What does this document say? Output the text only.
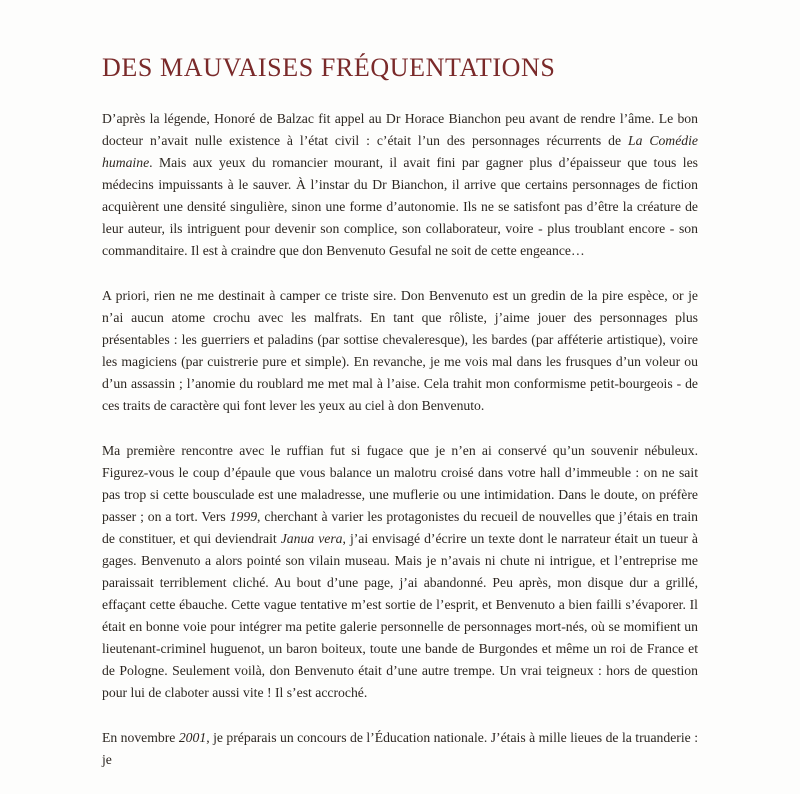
DES MAUVAISES FRÉQUENTATIONS

D’après la légende, Honoré de Balzac fit appel au Dr Horace Bianchon peu avant de rendre l’âme. Le bon docteur n’avait nulle existence à l’état civil : c’était l’un des personnages récurrents de La Comédie humaine. Mais aux yeux du romancier mourant, il avait fini par gagner plus d’épaisseur que tous les médecins impuissants à le sauver. À l’instar du Dr Bianchon, il arrive que certains personnages de fiction acquièrent une densité singulière, sinon une forme d’autonomie. Ils ne se satisfont pas d’être la créature de leur auteur, ils intriguent pour devenir son complice, son collaborateur, voire - plus troublant encore - son commanditaire. Il est à craindre que don Benvenuto Gesufal ne soit de cette engeance…

A priori, rien ne me destinait à camper ce triste sire. Don Benvenuto est un gredin de la pire espèce, or je n’ai aucun atome crochu avec les malfrats. En tant que rôliste, j’aime jouer des personnages plus présentables : les guerriers et paladins (par sottise chevaleresque), les bardes (par afféterie artistique), voire les magiciens (par cuistrerie pure et simple). En revanche, je me vois mal dans les frusques d’un voleur ou d’un assassin ; l’anomie du roublard me met mal à l’aise. Cela trahit mon conformisme petit-bourgeois - de ces traits de caractère qui font lever les yeux au ciel à don Benvenuto.

Ma première rencontre avec le ruffian fut si fugace que je n’en ai conservé qu’un souvenir nébuleux. Figurez-vous le coup d’épaule que vous balance un malotru croisé dans votre hall d’immeuble : on ne sait pas trop si cette bousculade est une maladresse, une muflerie ou une intimidation. Dans le doute, on préfère passer ; on a tort. Vers 1999, cherchant à varier les protagonistes du recueil de nouvelles que j’étais en train de constituer, et qui deviendrait Janua vera, j’ai envisagé d’écrire un texte dont le narrateur était un tueur à gages. Benvenuto a alors pointé son vilain museau. Mais je n’avais ni chute ni intrigue, et l’entreprise me paraissait terriblement cliché. Au bout d’une page, j’ai abandonné. Peu après, mon disque dur a grillé, effaçant cette ébauche. Cette vague tentative m’est sortie de l’esprit, et Benvenuto a bien failli s’évaporer. Il était en bonne voie pour intégrer ma petite galerie personnelle de personnages mort-nés, où se momifient un lieutenant-criminel huguenot, un baron boiteux, toute une bande de Burgondes et même un roi de France et de Pologne. Seulement voilà, don Benvenuto était d’une autre trempe. Un vrai teigneux : hors de question pour lui de claboter aussi vite ! Il s’est accroché.

En novembre 2001, je préparais un concours de l’Éducation nationale. J’étais à mille lieues de la truanderie : je
